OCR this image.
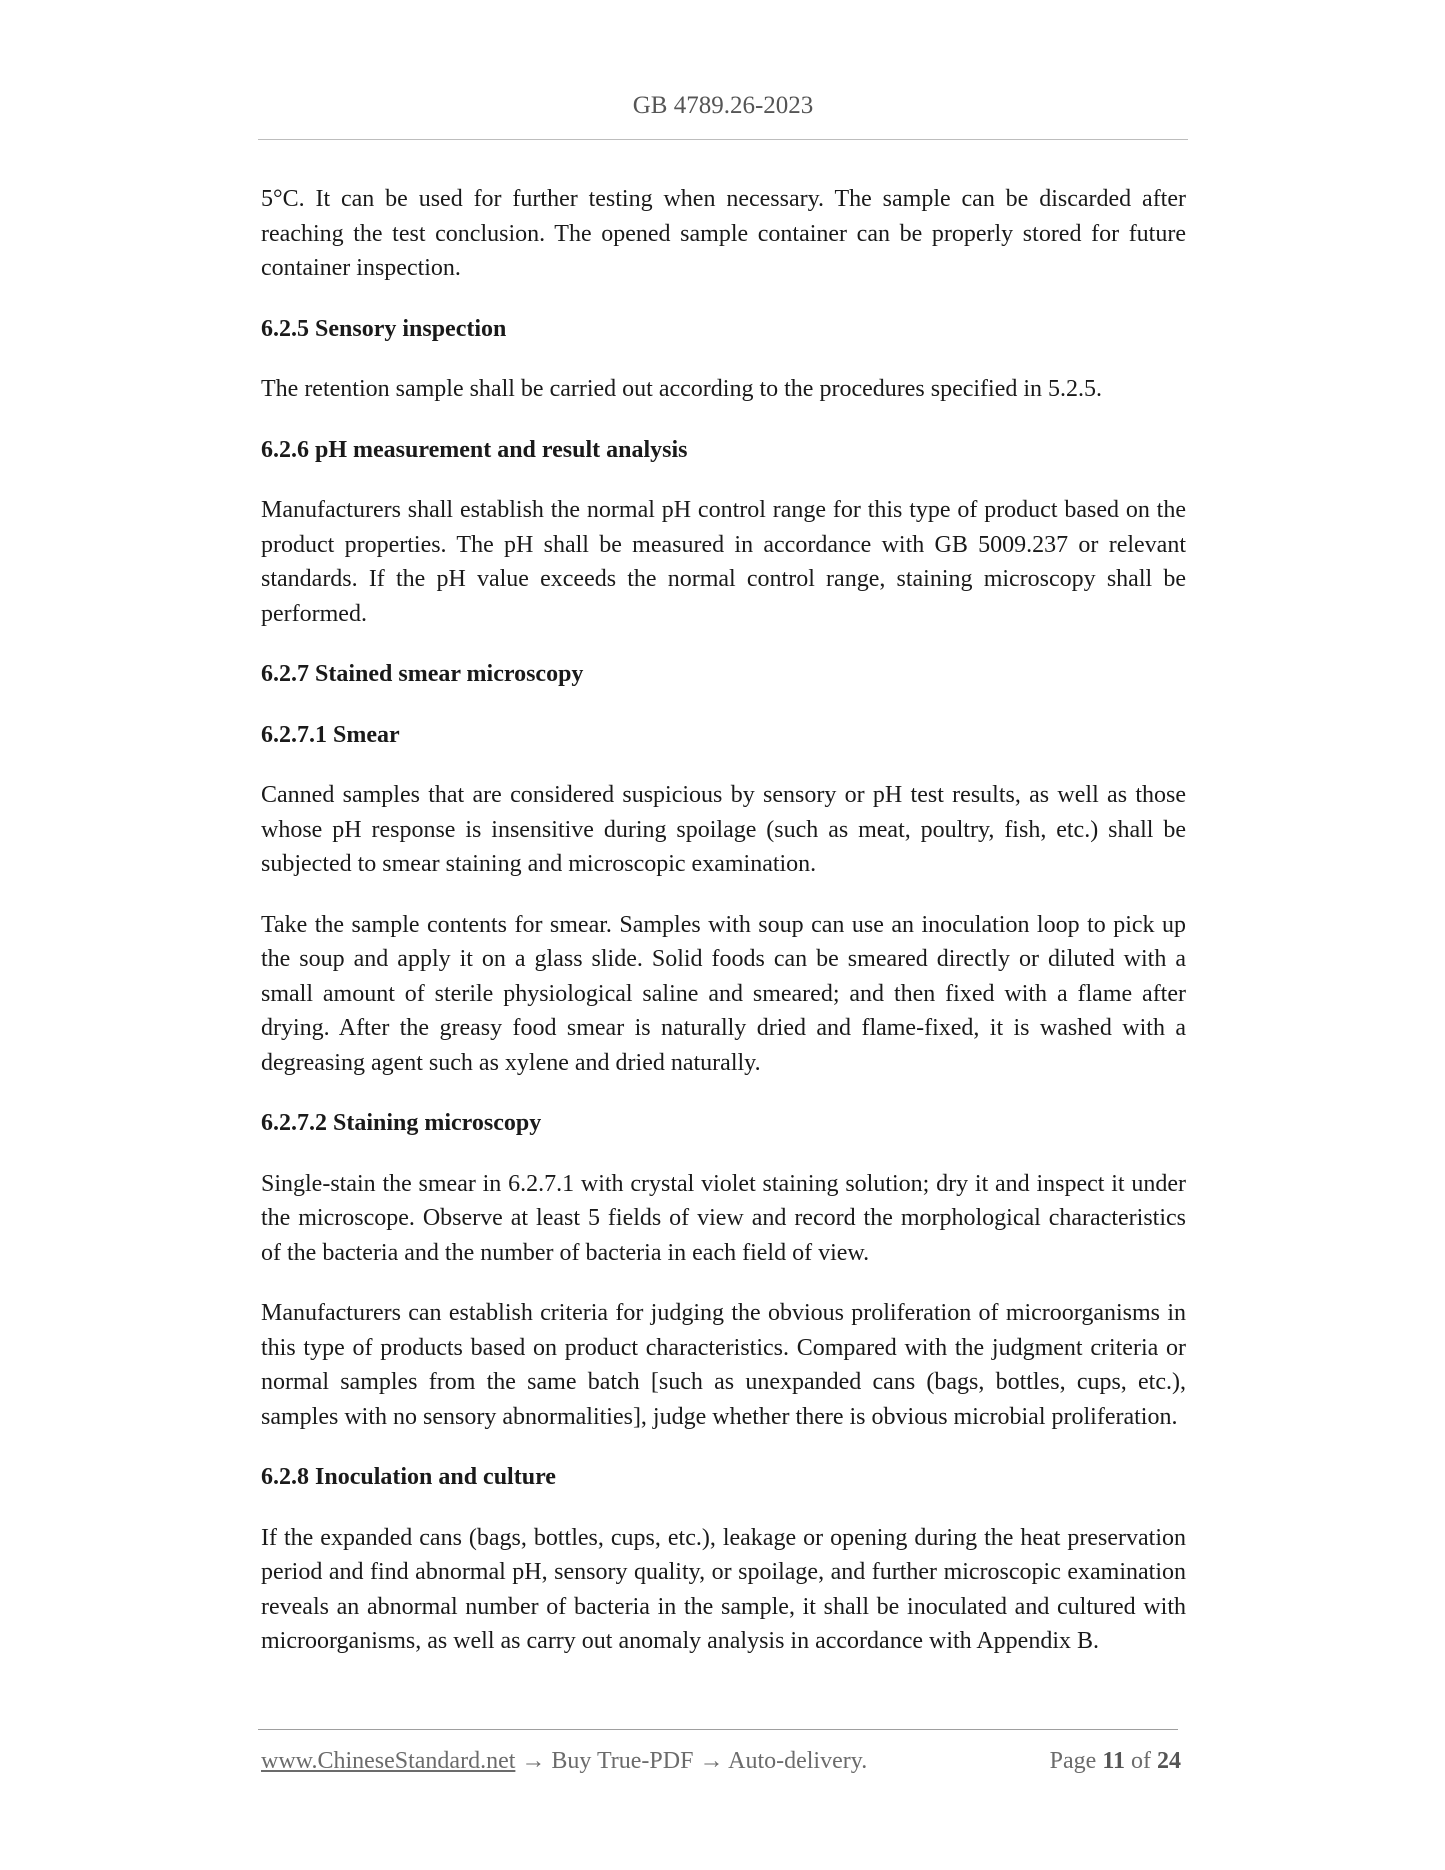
GB 4789.26-2023

5°C. It can be used for further testing when necessary. The sample can be discarded after reaching the test conclusion. The opened sample container can be properly stored for future container inspection.

6.2.5 Sensory inspection

The retention sample shall be carried out according to the procedures specified in 5.2.5.

6.2.6 pH measurement and result analysis

Manufacturers shall establish the normal pH control range for this type of product based on the product properties. The pH shall be measured in accordance with GB 5009.237 or relevant standards. If the pH value exceeds the normal control range, staining microscopy shall be performed.

6.2.7 Stained smear microscopy
6.2.7.1 Smear

Canned samples that are considered suspicious by sensory or pH test results, as well as those whose pH response is insensitive during spoilage (such as meat, poultry, fish, etc.) shall be subjected to smear staining and microscopic examination.

Take the sample contents for smear. Samples with soup can use an inoculation loop to pick up the soup and apply it on a glass slide. Solid foods can be smeared directly or diluted with a small amount of sterile physiological saline and smeared; and then fixed with a flame after drying. After the greasy food smear is naturally dried and flame-fixed, it is washed with a degreasing agent such as xylene and dried naturally.

6.2.7.2 Staining microscopy

Single-stain the smear in 6.2.7.1 with crystal violet staining solution; dry it and inspect it under the microscope. Observe at least 5 fields of view and record the morphological characteristics of the bacteria and the number of bacteria in each field of view.

Manufacturers can establish criteria for judging the obvious proliferation of microorganisms in this type of products based on product characteristics. Compared with the judgment criteria or normal samples from the same batch [such as unexpanded cans (bags, bottles, cups, etc.), samples with no sensory abnormalities], judge whether there is obvious microbial proliferation.

6.2.8 Inoculation and culture

If the expanded cans (bags, bottles, cups, etc.), leakage or opening during the heat preservation period and find abnormal pH, sensory quality, or spoilage, and further microscopic examination reveals an abnormal number of bacteria in the sample, it shall be inoculated and cultured with microorganisms, as well as carry out anomaly analysis in accordance with Appendix B.

www.ChineseStandard.net → Buy True-PDF → Auto-delivery.	Page 11 of 24
